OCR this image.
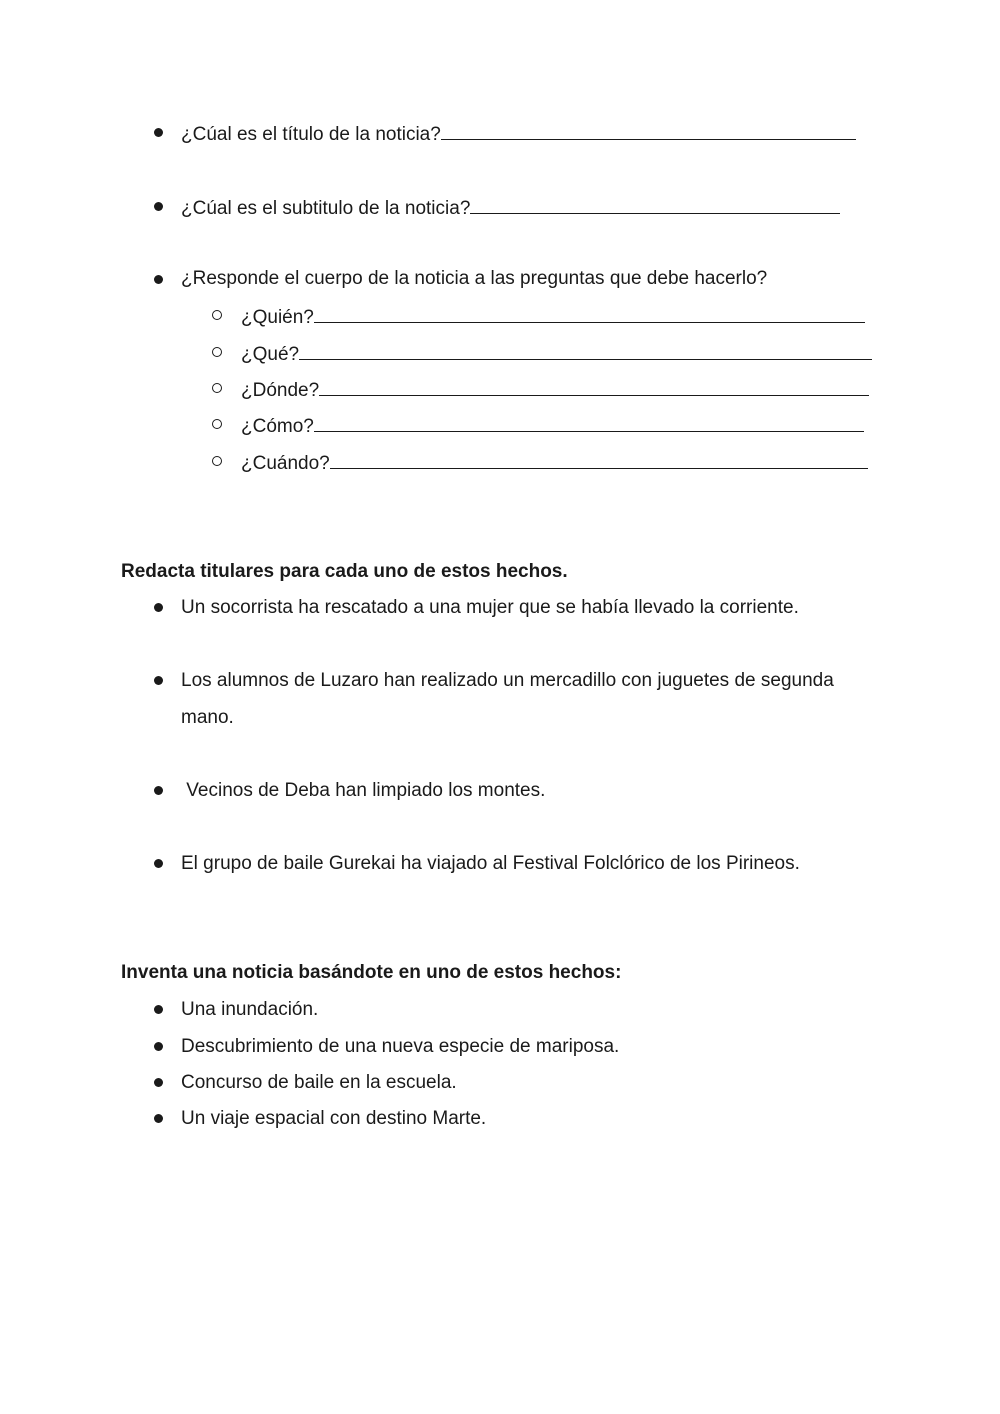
¿Cúal es el título de la noticia?
¿Cúal es el subtitulo de la noticia?
¿Responde el cuerpo de la noticia a las preguntas que debe hacerlo?
¿Quién?
¿Qué?
¿Dónde?
¿Cómo?
¿Cuándo?
Redacta titulares para cada uno de estos hechos.
Un socorrista ha rescatado a una mujer que se había llevado la corriente.
Los alumnos de Luzaro han realizado un mercadillo con juguetes de segunda
mano.
Vecinos de Deba han limpiado los montes.
El grupo de baile Gurekai ha viajado al Festival Folclórico de los Pirineos.
Inventa una noticia basándote en uno de estos hechos:
Una inundación.
Descubrimiento de una nueva especie de mariposa.
Concurso de baile en la escuela.
Un viaje espacial con destino Marte.
